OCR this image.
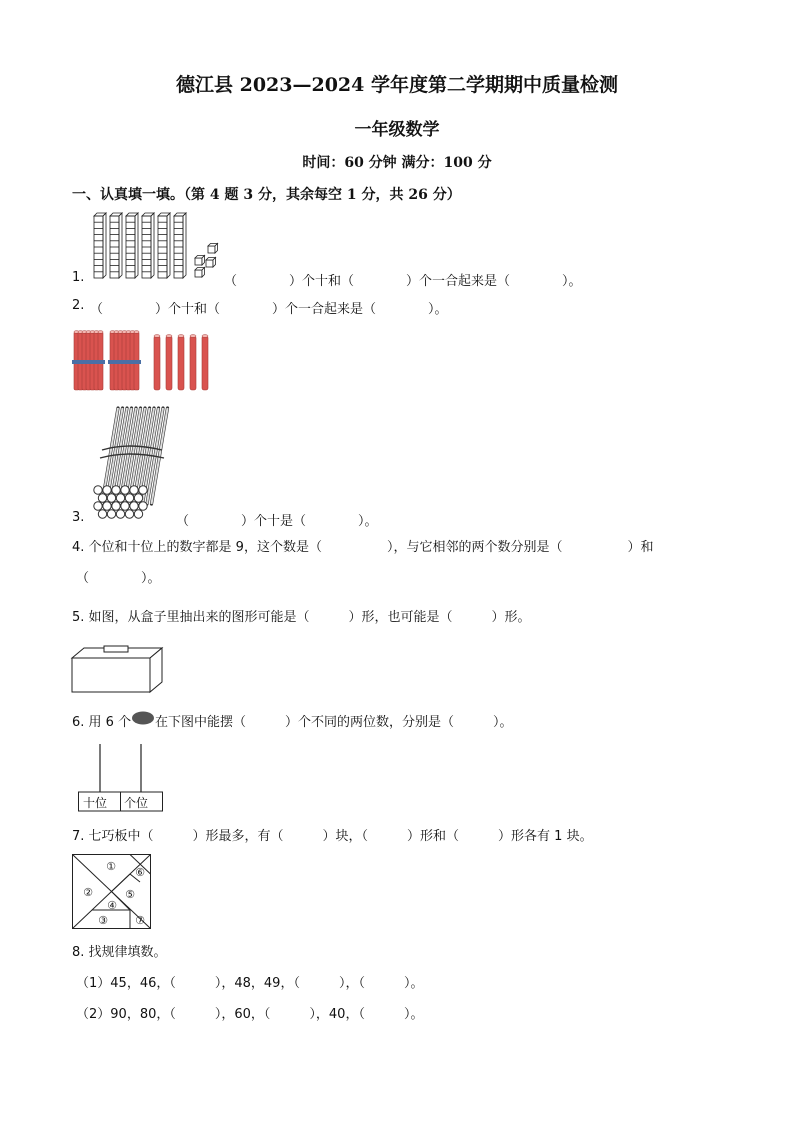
德江县 2023—2024 学年度第二学期期中质量检测
一年级数学
时间：60 分钟 满分：100 分
一、认真填一填。（第 4 题 3 分，其余每空 1 分，共 26 分）
1.	（　　　　）个十和（　　　　）个一合起来是（　　　　）。
2. （　　　　）个十和（　　　　）个一合起来是（　　　　）。
3.	（　　　　）个十是（　　　　）。
4. 个位和十位上的数字都是 9，这个数是（　　　　　），与它相邻的两个数分别是（　　　　　）和
（　　　　）。
5. 如图，从盒子里抽出来的图形可能是（　　　）形，也可能是（　　　）形。
6. 用 6 个 在下图中能摆（　　　）个不同的两位数，分别是（　　　）。
十位 个位
7. 七巧板中（　　　）形最多，有（　　　）块，（　　　）形和（　　　）形各有 1 块。
①
②
③
④
⑤
⑥
⑦
8. 找规律填数。
（1）45，46，（　　　），48，49，（　　　），（　　　）。
（2）90，80，（　　　），60，（　　　），40，（　　　）。
